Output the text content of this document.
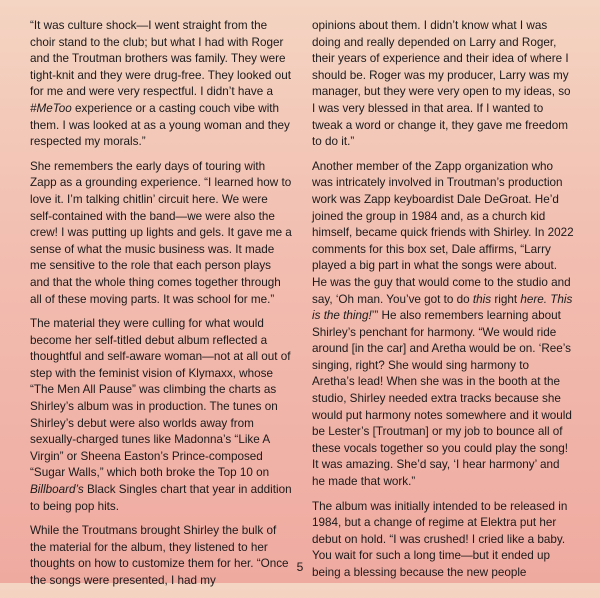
“It was culture shock—I went straight from the choir stand to the club; but what I had with Roger and the Troutman brothers was family. They were tight-knit and they were drug-free. They looked out for me and were very respectful. I didn’t have a #MeToo experience or a casting couch vibe with them. I was looked at as a young woman and they respected my morals.”

She remembers the early days of touring with Zapp as a grounding experience. “I learned how to love it. I’m talking chitlin’ circuit here. We were self-contained with the band—we were also the crew! I was putting up lights and gels. It gave me a sense of what the music business was. It made me sensitive to the role that each person plays and that the whole thing comes together through all of these moving parts. It was school for me.”

The material they were culling for what would become her self-titled debut album reflected a thoughtful and self-aware woman—not at all out of step with the feminist vision of Klymaxx, whose “The Men All Pause” was climbing the charts as Shirley’s album was in production. The tunes on Shirley’s debut were also worlds away from sexually-charged tunes like Madonna’s “Like A Virgin” or Sheena Easton’s Prince-composed “Sugar Walls,” which both broke the Top 10 on Billboard’s Black Singles chart that year in addition to being pop hits.

While the Troutmans brought Shirley the bulk of the material for the album, they listened to her thoughts on how to customize them for her. “Once the songs were presented, I had my

opinions about them. I didn’t know what I was doing and really depended on Larry and Roger, their years of experience and their idea of where I should be. Roger was my producer, Larry was my manager, but they were very open to my ideas, so I was very blessed in that area. If I wanted to tweak a word or change it, they gave me freedom to do it.”

Another member of the Zapp organization who was intricately involved in Troutman’s production work was Zapp keyboardist Dale DeGroat. He’d joined the group in 1984 and, as a church kid himself, became quick friends with Shirley. In 2022 comments for this box set, Dale affirms, “Larry played a big part in what the songs were about. He was the guy that would come to the studio and say, ‘Oh man. You’ve got to do this right here. This is the thing!’” He also remembers learning about Shirley’s penchant for harmony. “We would ride around [in the car] and Aretha would be on. ‘Ree’s singing, right? She would sing harmony to Aretha’s lead! When she was in the booth at the studio, Shirley needed extra tracks because she would put harmony notes somewhere and it would be Lester’s [Troutman] or my job to bounce all of these vocals together so you could play the song! It was amazing. She’d say, ‘I hear harmony’ and he made that work.”

The album was initially intended to be released in 1984, but a change of regime at Elektra put her debut on hold. “I was crushed! I cried like a baby. You wait for such a long time—but it ended up being a blessing because the new people

5
